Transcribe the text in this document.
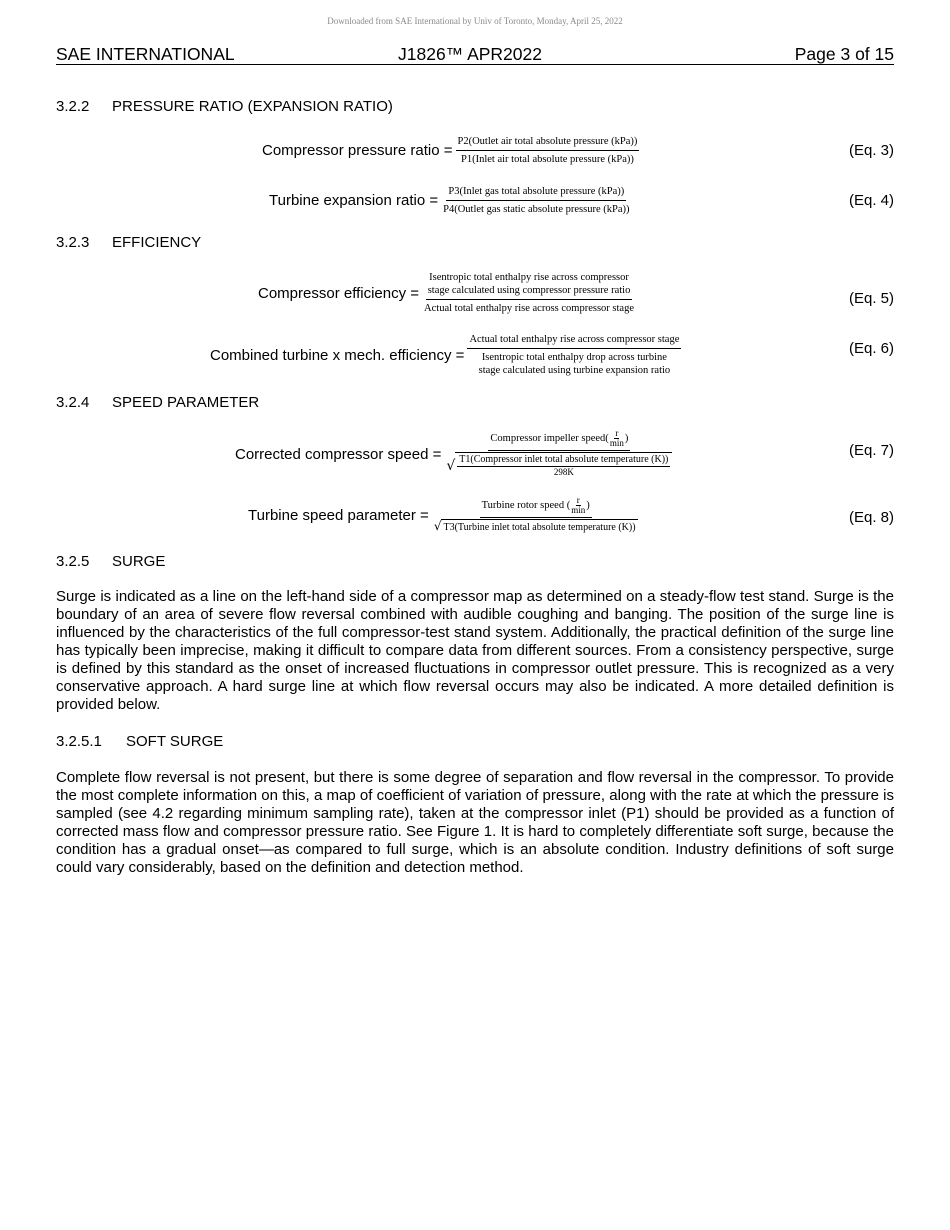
Downloaded from SAE International by Univ of Toronto, Monday, April 25, 2022
SAE INTERNATIONAL	J1826™ APR2022	Page 3 of 15
3.2.2 PRESSURE RATIO (EXPANSION RATIO)
Compressor pressure ratio = $\frac{\text{P2(Outlet air total absolute pressure (kPa))}}{\text{P1(Inlet air total absolute pressure (kPa))}}$	(Eq. 3)
Turbine expansion ratio = $\frac{\text{P3(Inlet gas total absolute pressure (kPa))}}{\text{P4(Outlet gas static absolute pressure (kPa))}}$	(Eq. 4)
3.2.3 EFFICIENCY
Compressor efficiency =
Isentropic total enthalpy rise across compressor
stage calculated using compressor pressure ratio
Actual total enthalpy rise across compressor stage
(Eq. 5)
Combined turbine x mech. efficiency =
Actual total enthalpy rise across compressor stage
Isentropic total enthalpy drop across turbine
stage calculated using turbine expansion ratio
(Eq. 6)
3.2.4 SPEED PARAMETER
Corrected compressor speed =
Compressor impeller speed( $\frac{r}{\min}$ )
√ T1(Compressor inlet total absolute temperature (K))
298K
(Eq. 7)
Turbine speed parameter =
Turbine rotor speed ( $\frac{r}{\min}$ )
√ T3(Turbine inlet total absolute temperature (K))
(Eq. 8)
3.2.5 SURGE

Surge is indicated as a line on the left-hand side of a compressor map as determined on a steady-flow test stand. Surge is the boundary of an area of severe flow reversal combined with audible coughing and banging. The position of the surge line is influenced by the characteristics of the full compressor-test stand system. Additionally, the practical definition of the surge line has typically been imprecise, making it difficult to compare data from different sources. From a consistency perspective, surge is defined by this standard as the onset of increased fluctuations in compressor outlet pressure. This is recognized as a very conservative approach. A hard surge line at which flow reversal occurs may also be indicated. A more detailed definition is provided below.

3.2.5.1 SOFT SURGE

Complete flow reversal is not present, but there is some degree of separation and flow reversal in the compressor. To provide the most complete information on this, a map of coefficient of variation of pressure, along with the rate at which the pressure is sampled (see 4.2 regarding minimum sampling rate), taken at the compressor inlet (P1) should be provided as a function of corrected mass flow and compressor pressure ratio. See Figure 1. It is hard to completely differentiate soft surge, because the condition has a gradual onset—as compared to full surge, which is an absolute condition. Industry definitions of soft surge could vary considerably, based on the definition and detection method.
